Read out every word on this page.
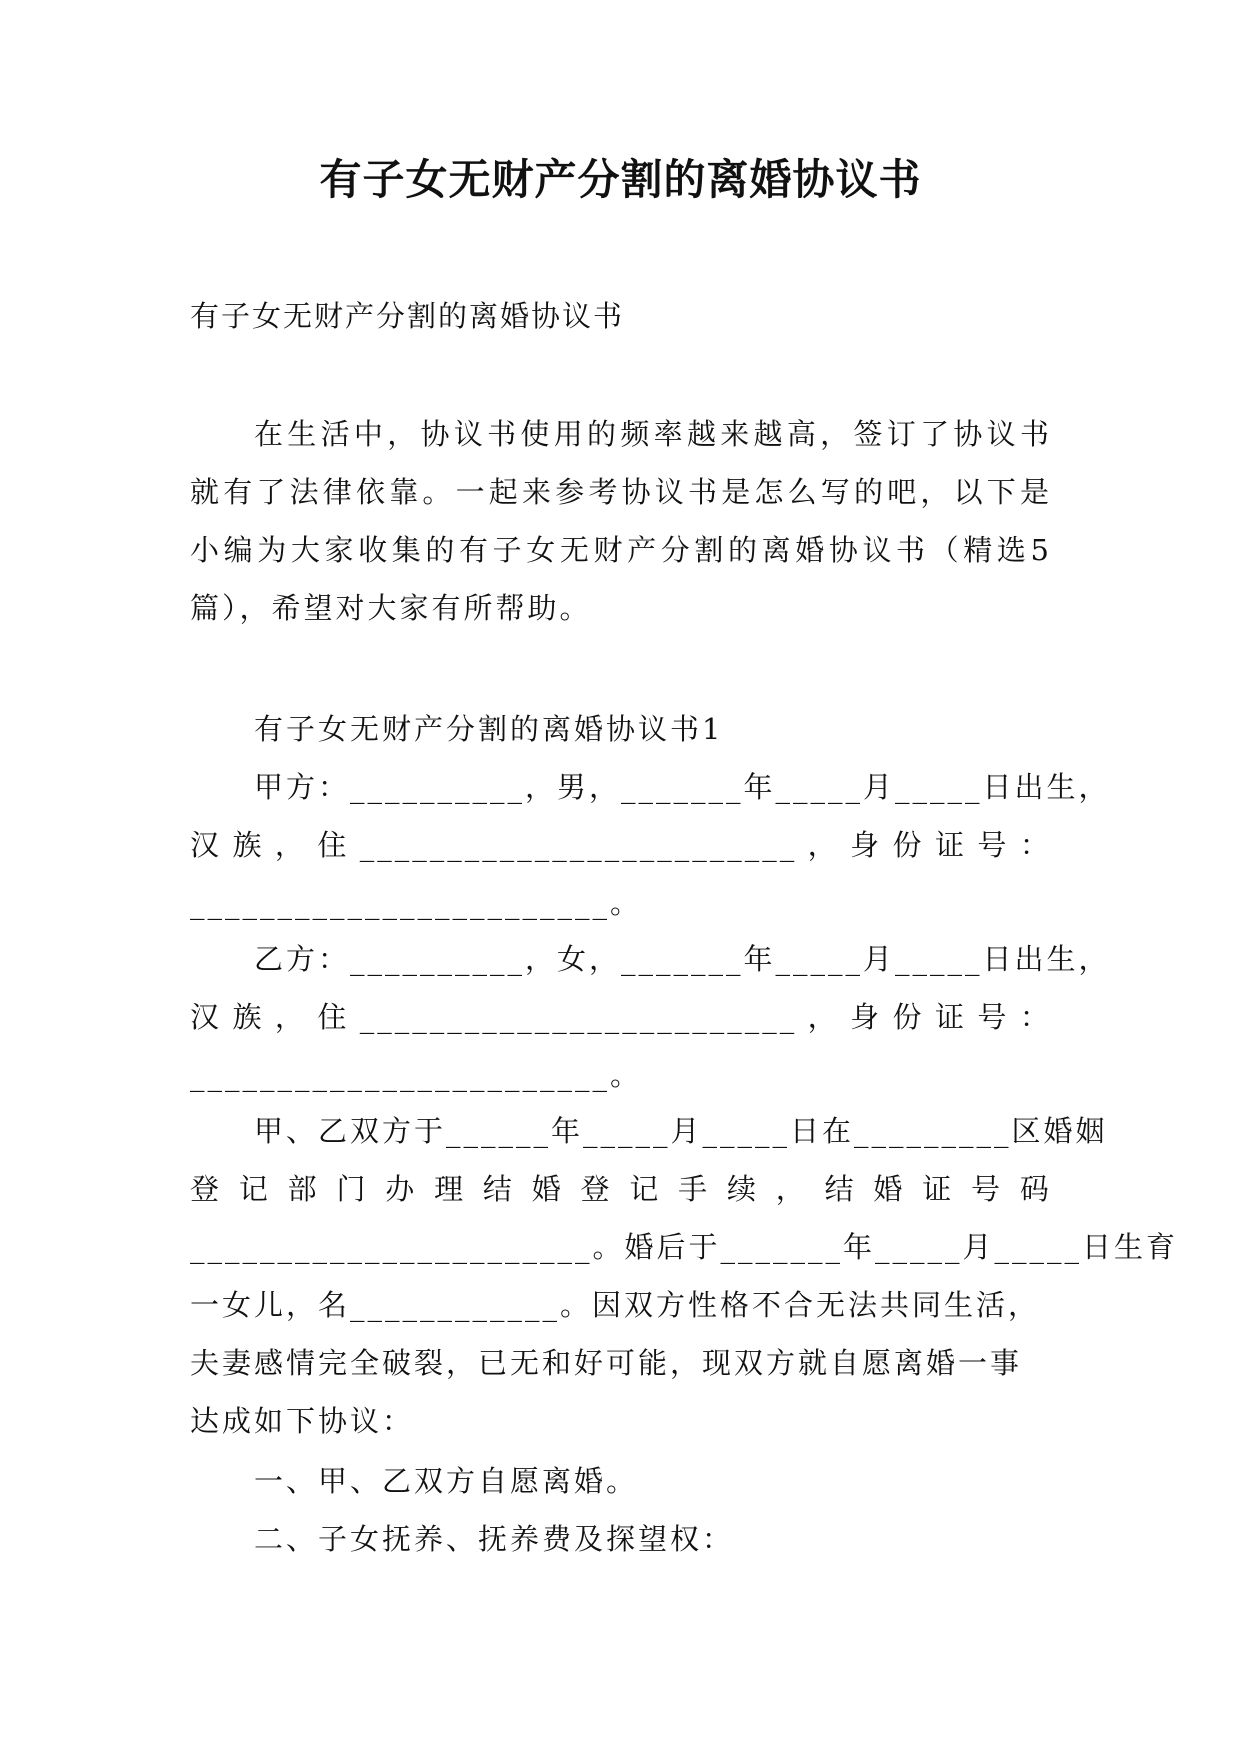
有子女无财产分割的离婚协议书
有子女无财产分割的离婚协议书
在生活中，协议书使用的频率越来越高，签订了协议书就有了法律依靠。一起来参考协议书是怎么写的吧，以下是小编为大家收集的有子女无财产分割的离婚协议书（精选5篇），希望对大家有所帮助。
有子女无财产分割的离婚协议书1
甲方：__________，男，_______年_____月_____日出生，
汉 族 ， 住 _________________________ ， 身 份 证 号 ：
________________________。
乙方：__________，女，_______年_____月_____日出生，
汉 族 ， 住 _________________________ ， 身 份 证 号 ：
________________________。
甲、乙双方于______年_____月_____日在_________区婚姻
登 记 部 门 办 理 结 婚 登 记 手 续 ， 结 婚 证 号 码
_______________________。婚后于_______年_____月_____日生育
一女儿，名____________。因双方性格不合无法共同生活，
夫妻感情完全破裂，已无和好可能，现双方就自愿离婚一事
达成如下协议：
一、甲、乙双方自愿离婚。
二、子女抚养、抚养费及探望权：
